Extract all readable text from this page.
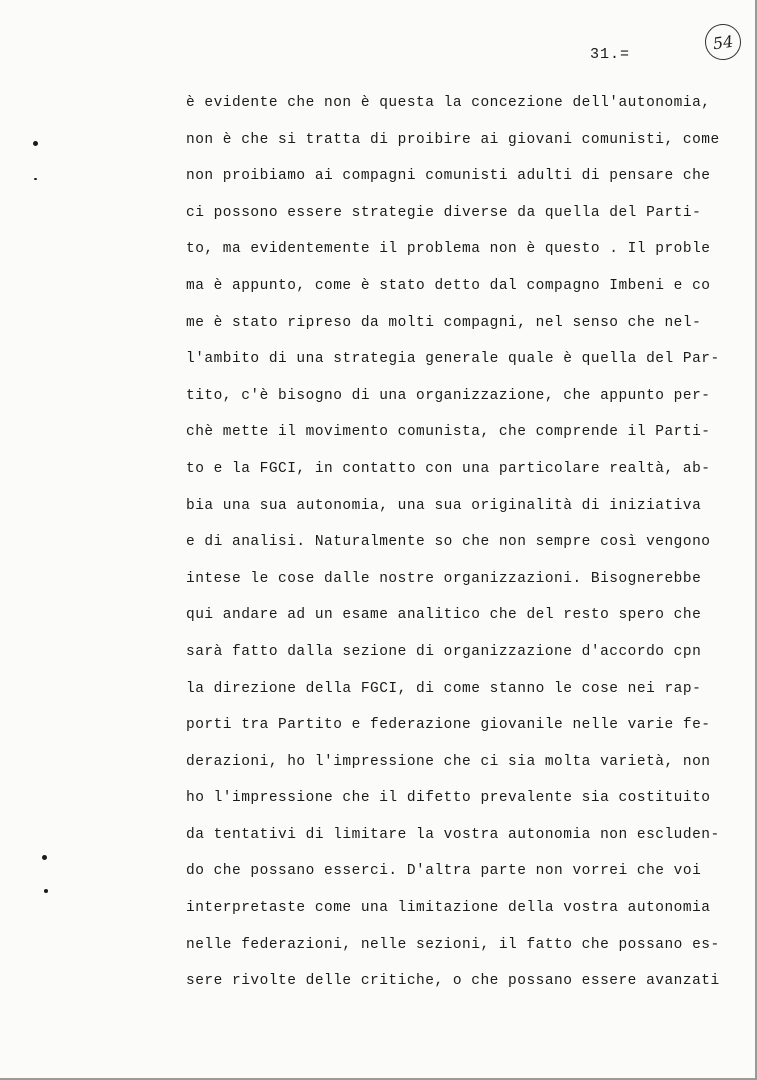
54
31.=
è evidente che non è questa la concezione dell'autonomia,
non è che si tratta di proibire ai giovani comunisti, come
non proibiamo ai compagni comunisti adulti di pensare che
ci possono essere strategie diverse da quella del Parti-
to, ma evidentemente il problema non è questo . Il proble
ma è appunto, come è stato detto dal compagno Imbeni e co
me è stato ripreso da molti compagni, nel senso che nel-
l'ambito di una strategia generale quale è quella del Par-
tito, c'è bisogno di una organizzazione, che appunto per-
chè mette il movimento comunista, che comprende il Parti-
to e la FGCI, in contatto con una particolare realtà, ab-
bia una sua autonomia, una sua originalità di iniziativa
e di analisi. Naturalmente so che non sempre così vengono
intese le cose dalle nostre organizzazioni. Bisognerebbe
qui andare ad un esame analitico che del resto spero che
sarà fatto dalla sezione di organizzazione d'accordo cpn
la direzione della FGCI, di come stanno le cose nei rap-
porti tra Partito e federazione giovanile nelle varie fe-
derazioni, ho l'impressione che ci sia molta varietà, non
ho l'impressione che il difetto prevalente sia costituito
da tentativi di limitare la vostra autonomia non escluden-
do che possano esserci. D'altra parte non vorrei che voi
interpretaste come una limitazione della vostra autonomia
nelle federazioni, nelle sezioni, il fatto che possano es-
sere rivolte delle critiche, o che possano essere avanzati
